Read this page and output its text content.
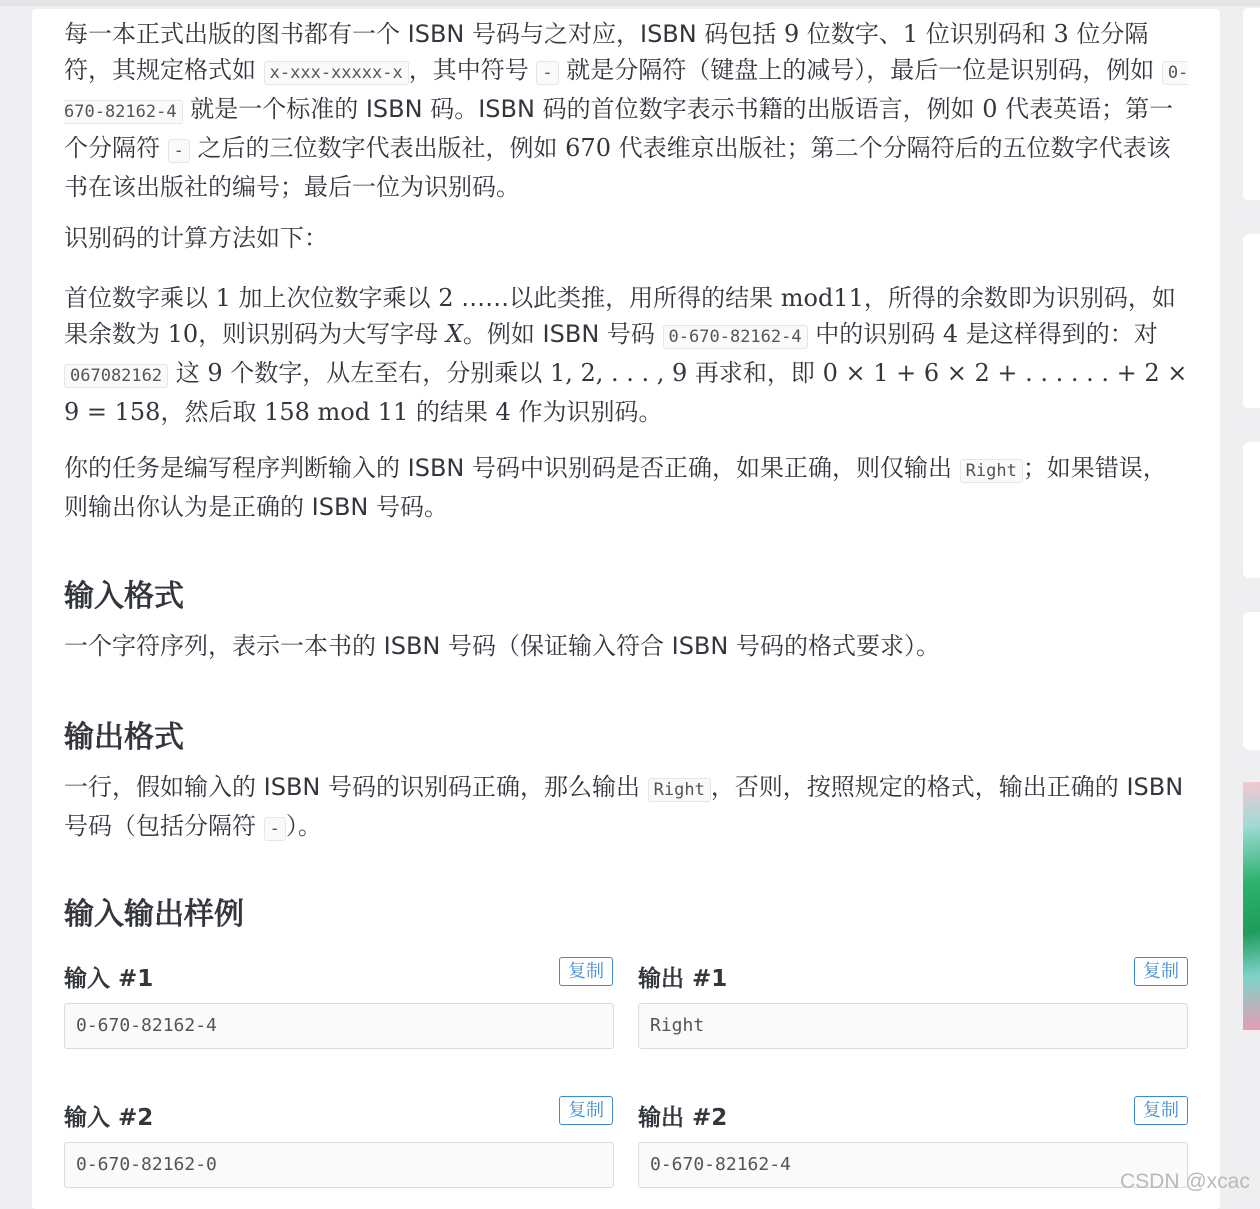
每一本正式出版的图书都有一个 ISBN 号码与之对应，ISBN 码包括 9 位数字、1 位识别码和 3 位分隔符，其规定格式如 x-xxx-xxxxx-x ，其中符号 - 就是分隔符（键盘上的减号），最后一位是识别码，例如 0-670-82162-4 就是一个标准的 ISBN 码。ISBN 码的首位数字表示书籍的出版语言，例如 0 代表英语；第一个分隔符 - 之后的三位数字代表出版社，例如 670 代表维京出版社；第二个分隔符后的五位数字代表该书在该出版社的编号；最后一位为识别码。

识别码的计算方法如下：

首位数字乘以 1 加上次位数字乘以 2 ……以此类推，用所得的结果 mod11，所得的余数即为识别码，如果余数为 10，则识别码为大写字母 X。例如 ISBN 号码 0-670-82162-4 中的识别码 4 是这样得到的：对 067082162 这 9 个数字，从左至右，分别乘以 1, 2, . . . , 9 再求和，即 0 × 1 + 6 × 2 + . . . . . . + 2 × 9 = 158，然后取 158 mod 11 的结果 4 作为识别码。

你的任务是编写程序判断输入的 ISBN 号码中识别码是否正确，如果正确，则仅输出 Right ；如果错误，则输出你认为是正确的 ISBN 号码。

输入格式

一个字符序列，表示一本书的 ISBN 号码（保证输入符合 ISBN 号码的格式要求）。

输出格式

一行，假如输入的 ISBN 号码的识别码正确，那么输出 Right ，否则，按照规定的格式，输出正确的 ISBN 号码（包括分隔符 - ）。

输入输出样例
输入 #1	复制
0-670-82162-4
输出 #1	复制
Right
输入 #2	复制
0-670-82162-0
输出 #2	复制
0-670-82162-4
CSDN @xcac
